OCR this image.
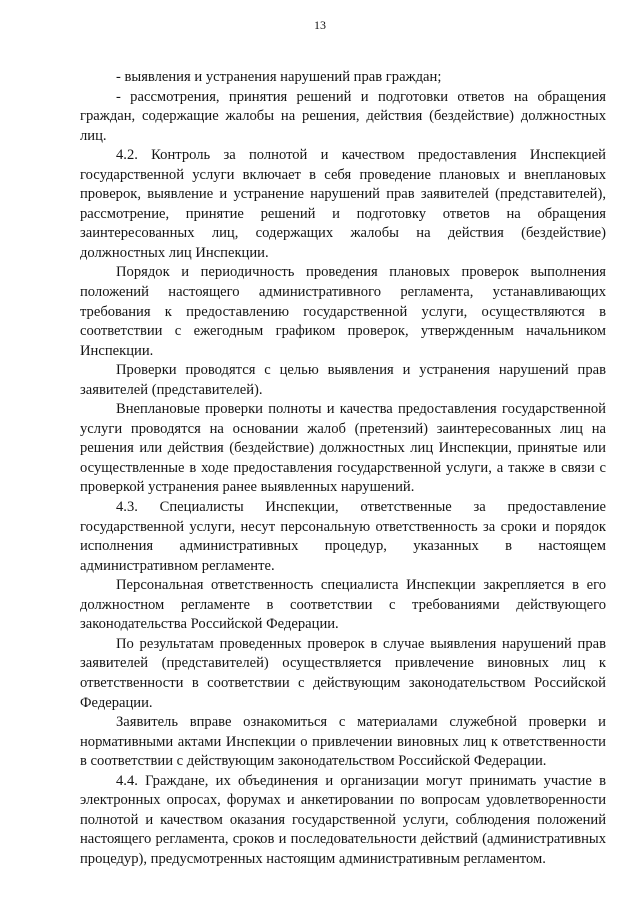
13

- выявления и устранения нарушений прав граждан;

- рассмотрения, принятия решений и подготовки ответов на обращения граждан, содержащие жалобы на решения, действия (бездействие) должностных лиц.

4.2. Контроль за полнотой и качеством предоставления Инспекцией государственной услуги включает в себя проведение плановых и внеплановых проверок, выявление и устранение нарушений прав заявителей (представителей), рассмотрение, принятие решений и подготовку ответов на обращения заинтересованных лиц, содержащих жалобы на действия (бездействие) должностных лиц Инспекции.

Порядок и периодичность проведения плановых проверок выполнения положений настоящего административного регламента, устанавливающих требования к предоставлению государственной услуги, осуществляются в соответствии с ежегодным графиком проверок, утвержденным начальником Инспекции.

Проверки проводятся с целью выявления и устранения нарушений прав заявителей (представителей).

Внеплановые проверки полноты и качества предоставления государственной услуги проводятся на основании жалоб (претензий) заинтересованных лиц на решения или действия (бездействие) должностных лиц Инспекции, принятые или осуществленные в ходе предоставления государственной услуги, а также в связи с проверкой устранения ранее выявленных нарушений.

4.3. Специалисты Инспекции, ответственные за предоставление государственной услуги, несут персональную ответственность за сроки и порядок исполнения административных процедур, указанных в настоящем административном регламенте.

Персональная ответственность специалиста Инспекции закрепляется в его должностном регламенте в соответствии с требованиями действующего законодательства Российской Федерации.

По результатам проведенных проверок в случае выявления нарушений прав заявителей (представителей) осуществляется привлечение виновных лиц к ответственности в соответствии с действующим законодательством Российской Федерации.

Заявитель вправе ознакомиться с материалами служебной проверки и нормативными актами Инспекции о привлечении виновных лиц к ответственности в соответствии с действующим законодательством Российской Федерации.

4.4. Граждане, их объединения и организации могут принимать участие в электронных опросах, форумах и анкетировании по вопросам удовлетворенности полнотой и качеством оказания государственной услуги, соблюдения положений настоящего регламента, сроков и последовательности действий (административных процедур), предусмотренных настоящим административным регламентом.
